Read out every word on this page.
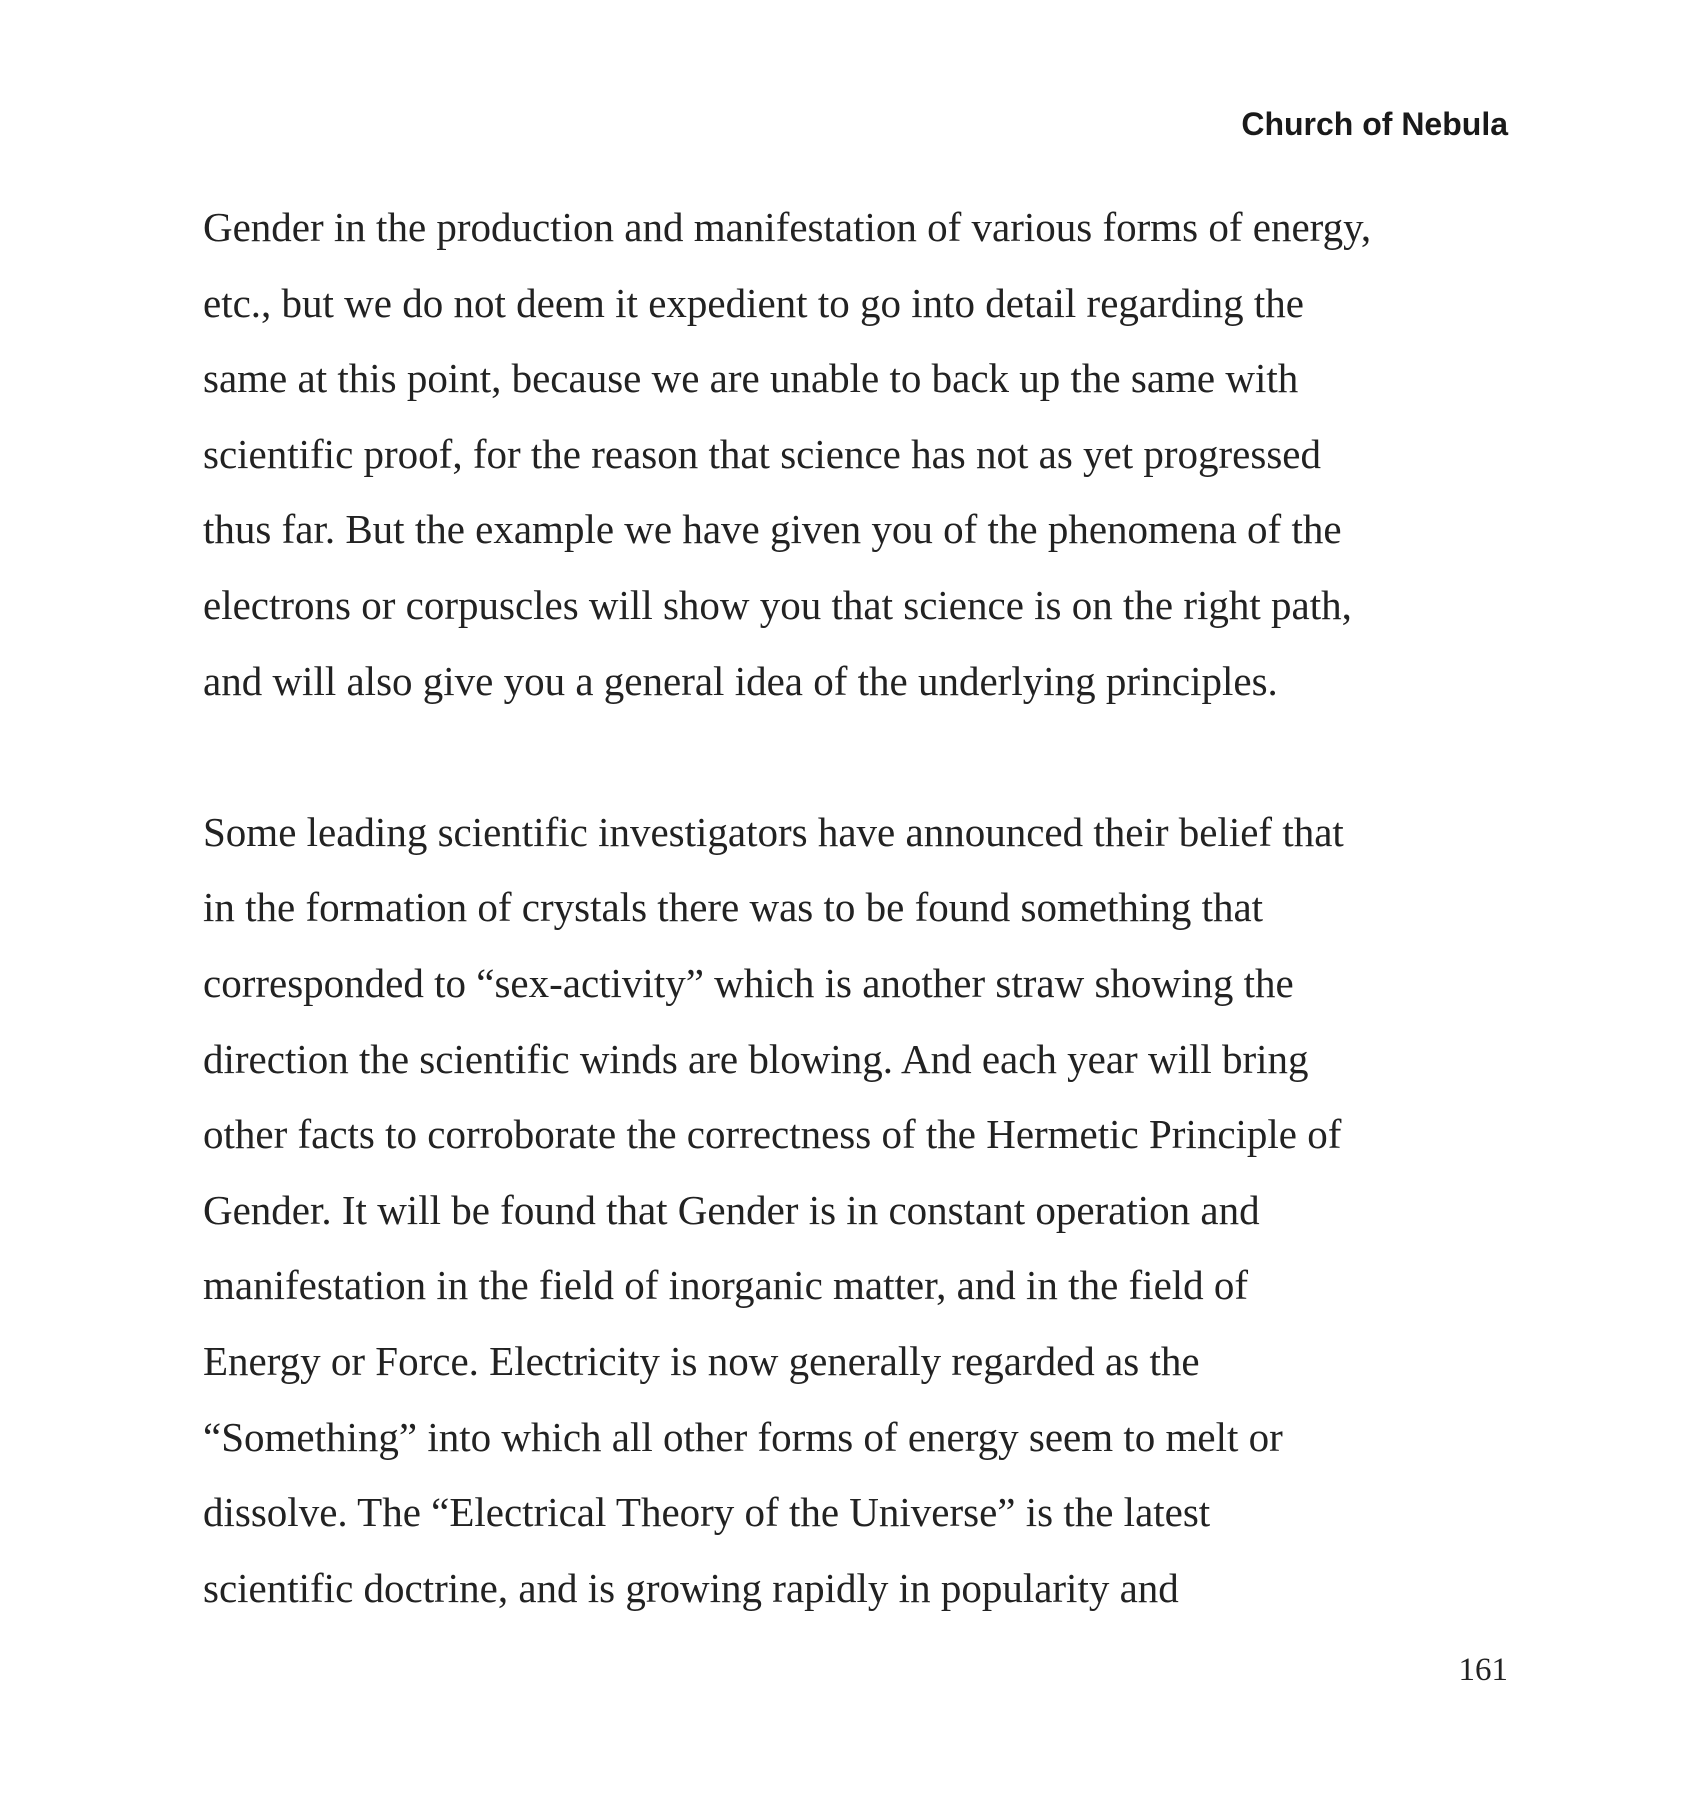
Church of Nebula
Gender in the production and manifestation of various forms of energy,
etc., but we do not deem it expedient to go into detail regarding the
same at this point, because we are unable to back up the same with
scientific proof, for the reason that science has not as yet progressed
thus far. But the example we have given you of the phenomena of the
electrons or corpuscles will show you that science is on the right path,
and will also give you a general idea of the underlying principles.
Some leading scientific investigators have announced their belief that
in the formation of crystals there was to be found something that
corresponded to “sex-activity” which is another straw showing the
direction the scientific winds are blowing. And each year will bring
other facts to corroborate the correctness of the Hermetic Principle of
Gender. It will be found that Gender is in constant operation and
manifestation in the field of inorganic matter, and in the field of
Energy or Force. Electricity is now generally regarded as the
“Something” into which all other forms of energy seem to melt or
dissolve. The “Electrical Theory of the Universe” is the latest
scientific doctrine, and is growing rapidly in popularity and
161
